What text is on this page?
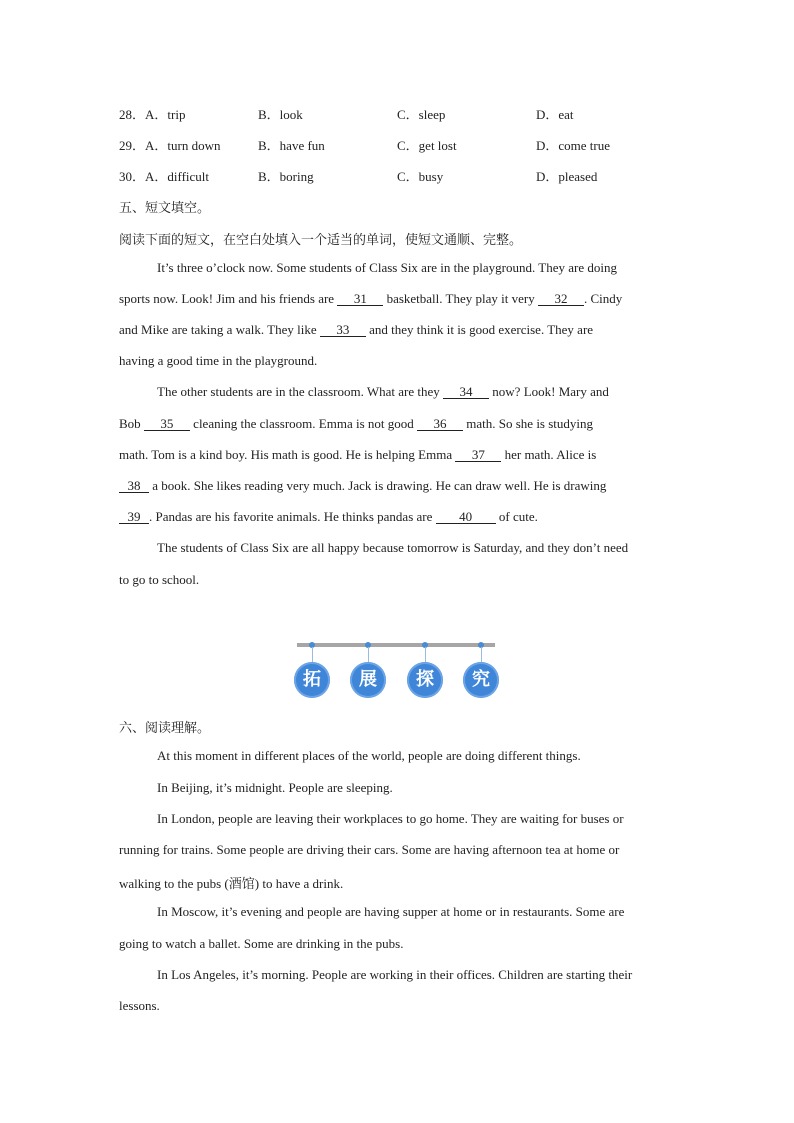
28．A．trip	B．look	C．sleep	D．eat
29．A．turn down	B．have fun	C．get lost	D．come true
30．A．difficult	B．boring	C．busy	D．pleased
五、短文填空。
阅读下面的短文，在空白处填入一个适当的单词，使短文通顺、完整。
It’s three o’clock now. Some students of Class Six are in the playground. They are doing
sports now. Look! Jim and his friends are 31 basketball. They play it very 32 . Cindy
and Mike are taking a walk. They like 33 and they think it is good exercise. They are
having a good time in the playground.
The other students are in the classroom. What are they 34 now? Look! Mary and
Bob 35 cleaning the classroom. Emma is not good 36 math. So she is studying
math. Tom is a kind boy. His math is good. He is helping Emma 37 her math. Alice is
38 a book. She likes reading very much. Jack is drawing. He can draw well. He is drawing
39 . Pandas are his favorite animals. He thinks pandas are 40 of cute.
The students of Class Six are all happy because tomorrow is Saturday, and they don’t need
to go to school.
拓	展	探	究
六、阅读理解。
At this moment in different places of the world, people are doing different things.
In Beijing, it’s midnight. People are sleeping.
In London, people are leaving their workplaces to go home. They are waiting for buses or
running for trains. Some people are driving their cars. Some are having afternoon tea at home or
walking to the pubs (酒馆) to have a drink.
In Moscow, it’s evening and people are having supper at home or in restaurants. Some are
going to watch a ballet. Some are drinking in the pubs.
In Los Angeles, it’s morning. People are working in their offices. Children are starting their
lessons.
